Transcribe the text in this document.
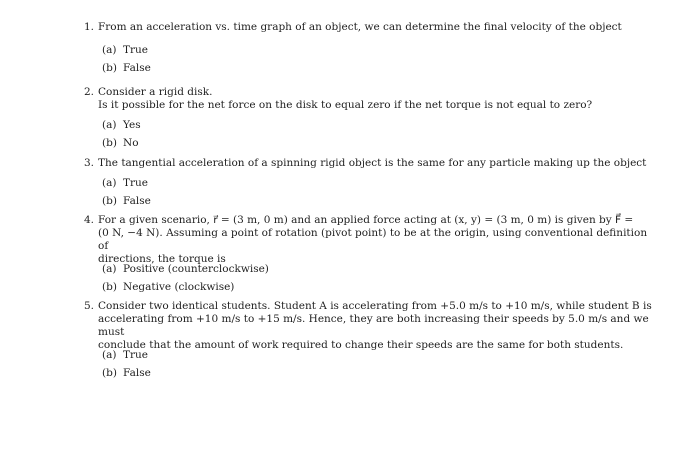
1. From an acceleration vs. time graph of an object, we can determine the final velocity of the object
(a) True
(b) False
2. Consider a rigid disk.
Is it possible for the net force on the disk to equal zero if the net torque is not equal to zero?
(a) Yes
(b) No
3. The tangential acceleration of a spinning rigid object is the same for any particle making up the object
(a) True
(b) False
4. For a given scenario, r⃗ = (3 m, 0 m) and an applied force acting at (x, y) = (3 m, 0 m) is given by F⃗ =
(0 N, −4 N). Assuming a point of rotation (pivot point) to be at the origin, using conventional definition of
directions, the torque is
(a) Positive (counterclockwise)
(b) Negative (clockwise)
5. Consider two identical students. Student A is accelerating from +5.0 m/s to +10 m/s, while student B is
accelerating from +10 m/s to +15 m/s. Hence, they are both increasing their speeds by 5.0 m/s and we must
conclude that the amount of work required to change their speeds are the same for both students.
(a) True
(b) False
